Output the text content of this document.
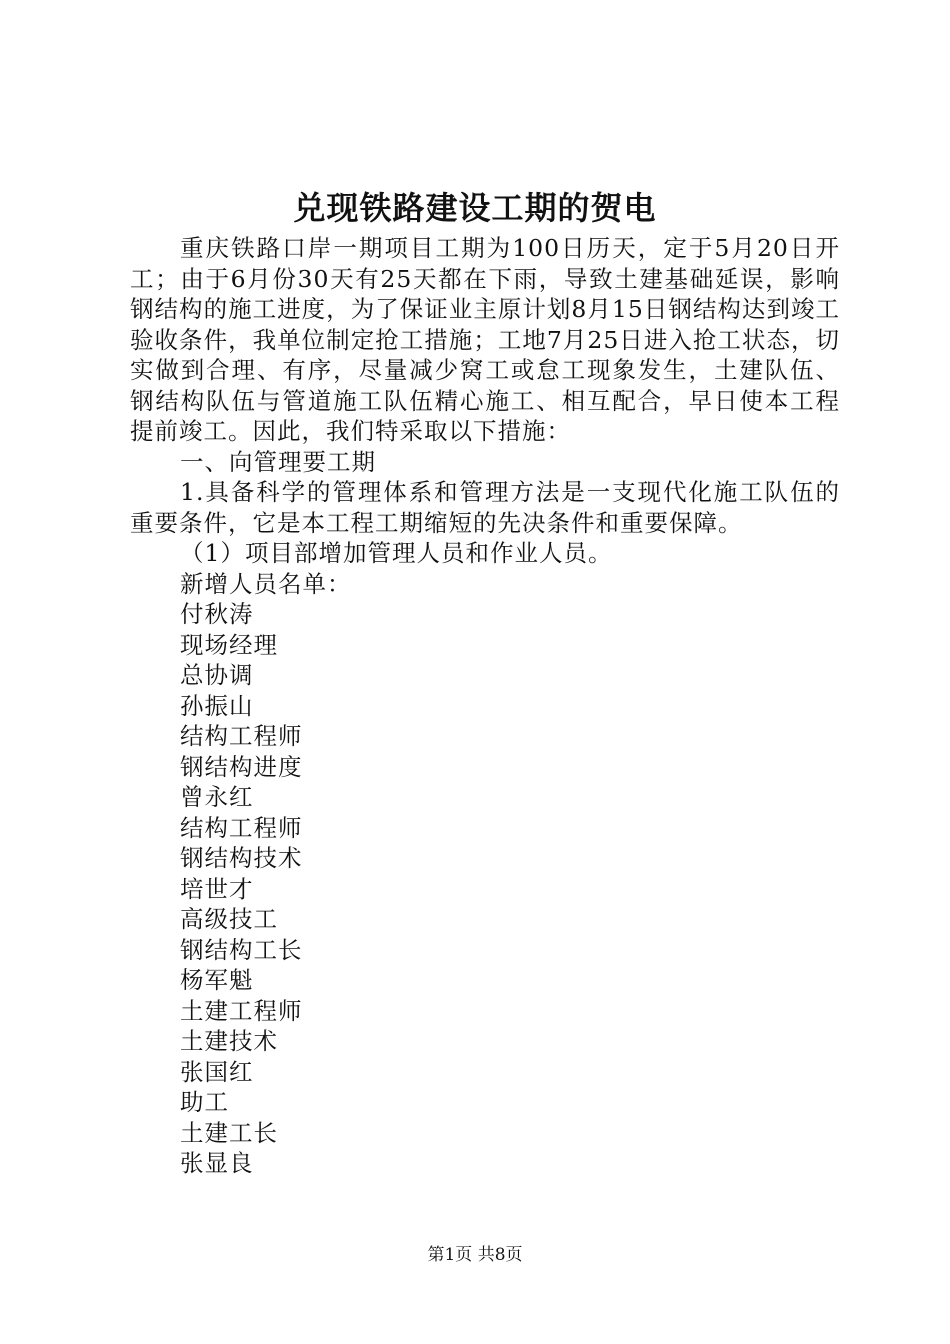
兑现铁路建设工期的贺电

重庆铁路口岸一期项目工期为100日历天，定于5月20日开工；由于6月份30天有25天都在下雨，导致土建基础延误，影响钢结构的施工进度，为了保证业主原计划8月15日钢结构达到竣工验收条件，我单位制定抢工措施；工地7月25日进入抢工状态，切实做到合理、有序，尽量减少窝工或怠工现象发生，土建队伍、钢结构队伍与管道施工队伍精心施工、相互配合，早日使本工程提前竣工。因此，我们特采取以下措施：

一、向管理要工期

1.具备科学的管理体系和管理方法是一支现代化施工队伍的重要条件，它是本工程工期缩短的先决条件和重要保障。

（1）项目部增加管理人员和作业人员。

新增人员名单：

付秋涛

现场经理

总协调

孙振山

结构工程师

钢结构进度

曾永红

结构工程师

钢结构技术

培世才

高级技工

钢结构工长

杨军魁

土建工程师

土建技术

张国红

助工

土建工长

张显良

第1页 共8页
